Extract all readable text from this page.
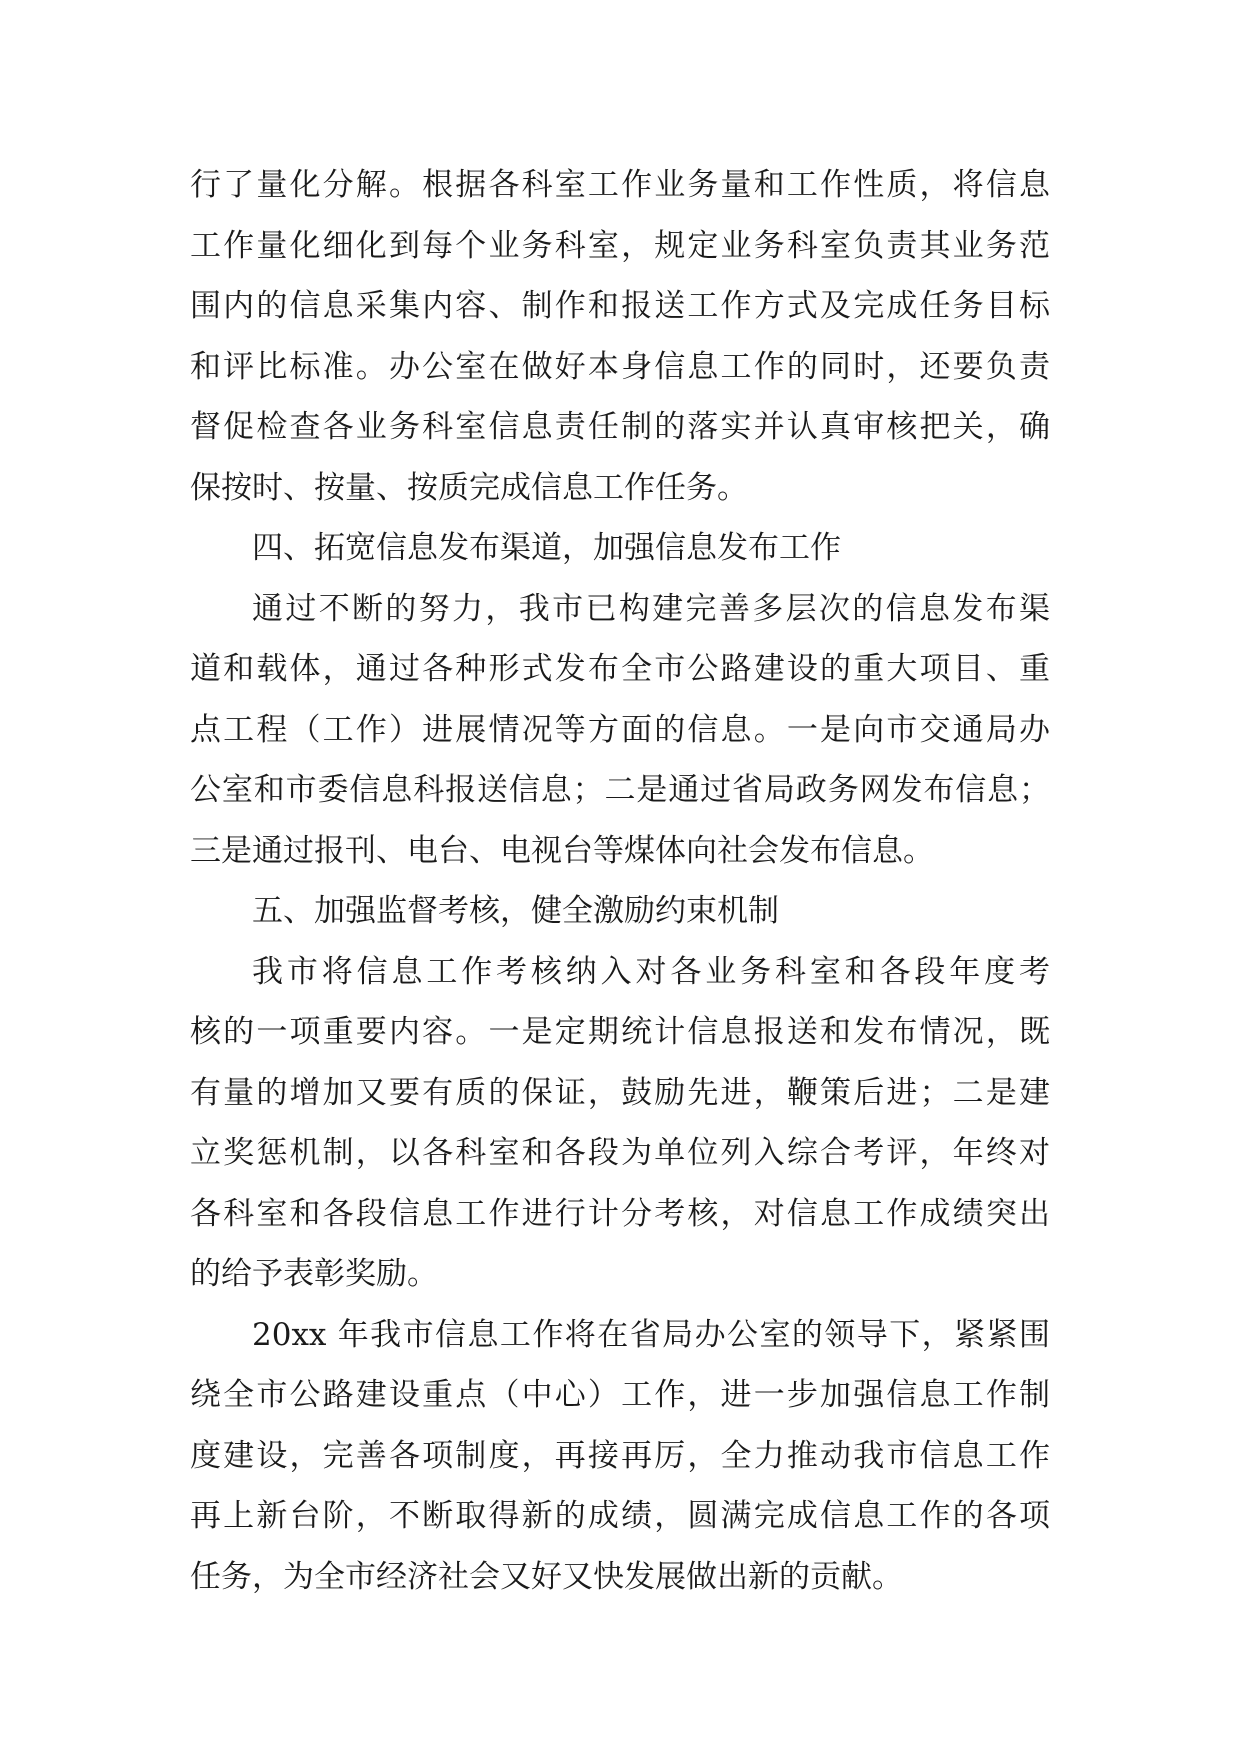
行了量化分解。根据各科室工作业务量和工作性质，将信息
工作量化细化到每个业务科室，规定业务科室负责其业务范
围内的信息采集内容、制作和报送工作方式及完成任务目标
和评比标准。办公室在做好本身信息工作的同时，还要负责
督促检查各业务科室信息责任制的落实并认真审核把关，确
保按时、按量、按质完成信息工作任务。
四、拓宽信息发布渠道，加强信息发布工作
通过不断的努力，我市已构建完善多层次的信息发布渠
道和载体，通过各种形式发布全市公路建设的重大项目、重
点工程（工作）进展情况等方面的信息。一是向市交通局办
公室和市委信息科报送信息；二是通过省局政务网发布信息；
三是通过报刊、电台、电视台等煤体向社会发布信息。
五、加强监督考核，健全激励约束机制
我市将信息工作考核纳入对各业务科室和各段年度考
核的一项重要内容。一是定期统计信息报送和发布情况，既
有量的增加又要有质的保证，鼓励先进，鞭策后进；二是建
立奖惩机制，以各科室和各段为单位列入综合考评，年终对
各科室和各段信息工作进行计分考核，对信息工作成绩突出
的给予表彰奖励。
20xx 年我市信息工作将在省局办公室的领导下，紧紧围
绕全市公路建设重点（中心）工作，进一步加强信息工作制
度建设，完善各项制度，再接再厉，全力推动我市信息工作
再上新台阶，不断取得新的成绩，圆满完成信息工作的各项
任务，为全市经济社会又好又快发展做出新的贡献。
